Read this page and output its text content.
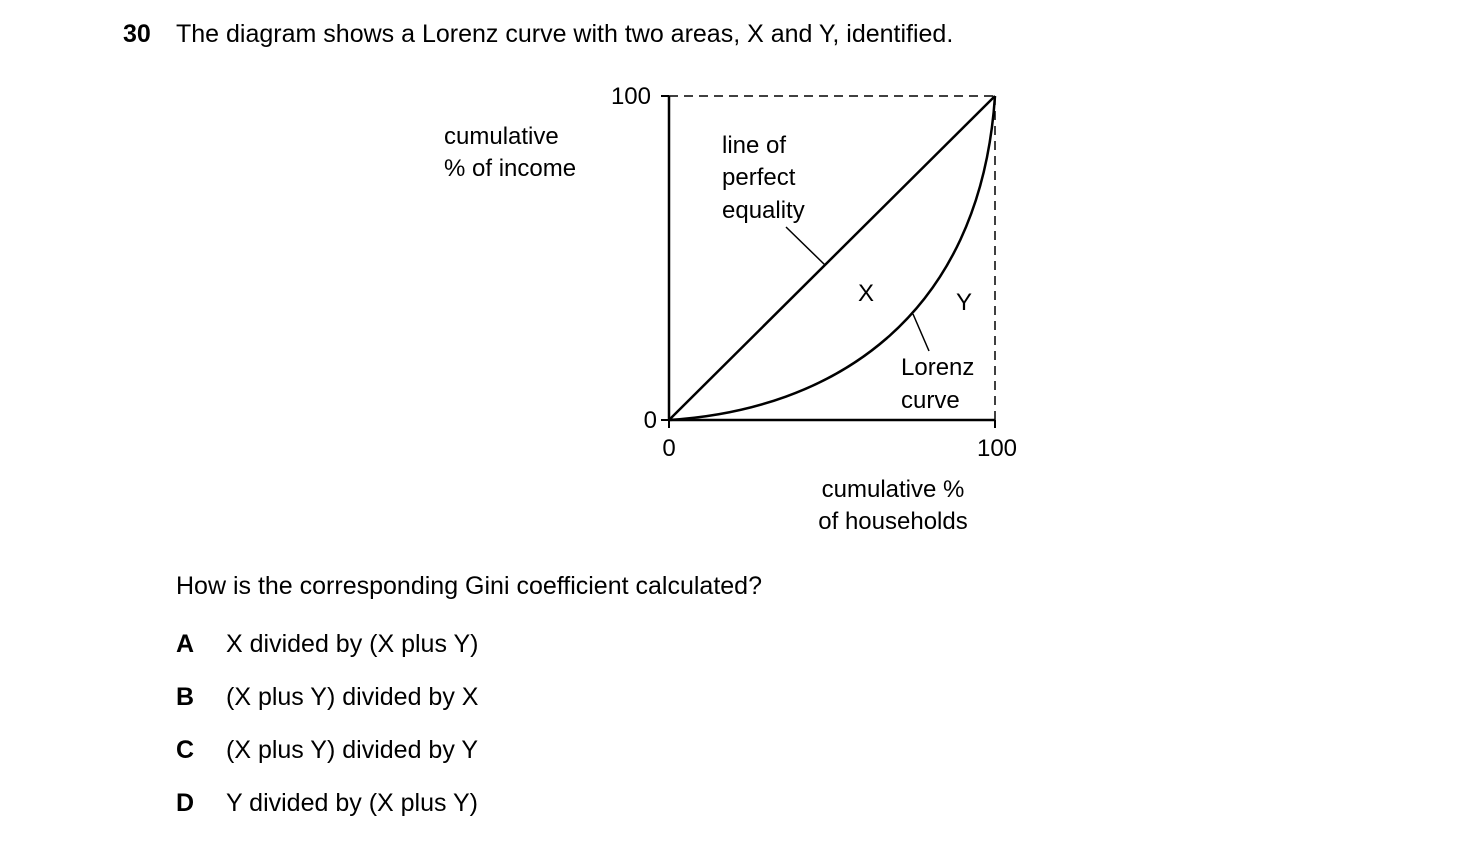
30 The diagram shows a Lorenz curve with two areas, X and Y, identified.
100
0
0	100
cumulative
% of income
cumulative %
of households
line of
perfect
equality
X	Y
Lorenz
curve
How is the corresponding Gini coefficient calculated?
A X divided by (X plus Y)
B (X plus Y) divided by X
C (X plus Y) divided by Y
D Y divided by (X plus Y)
